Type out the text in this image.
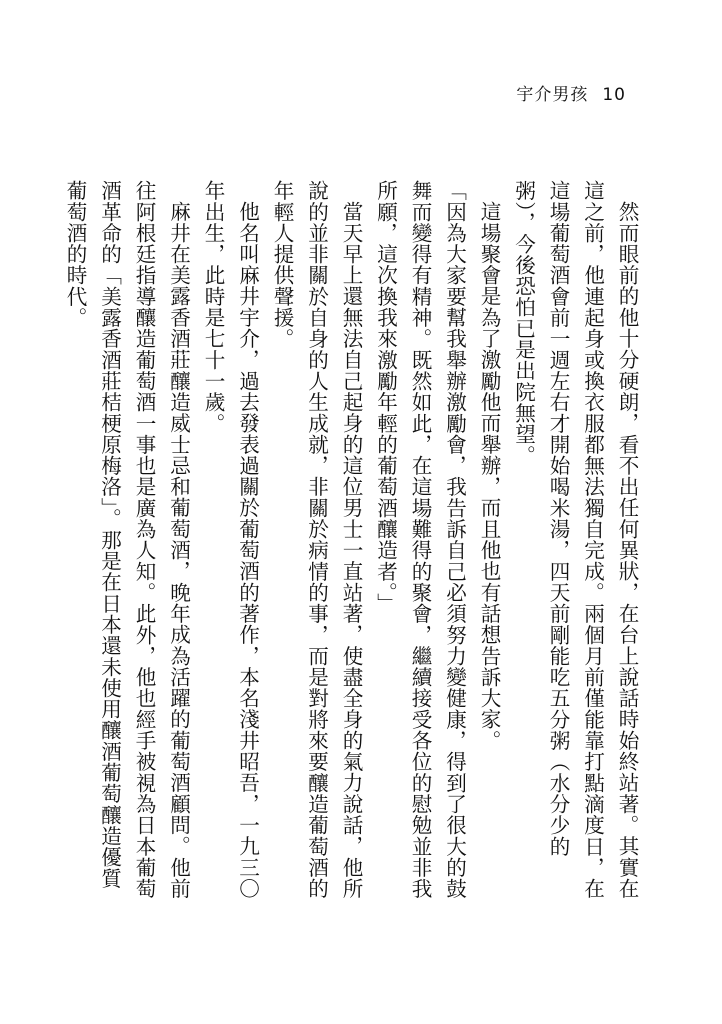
宇介男孩 10

然而眼前的他十分硬朗，看不出任何異狀，在台上說話時始終站著。其實在這之前，他連起身或換衣服都無法獨自完成。兩個月前僅能靠打點滴度日，在這場葡萄酒會前一週左右才開始喝米湯，四天前剛能吃五分粥（水分少的粥），今後恐怕已是出院無望。

這場聚會是為了激勵他而舉辦，而且他也有話想告訴大家。

「因為大家要幫我舉辦激勵會，我告訴自己必須努力變健康，得到了很大的鼓舞而變得有精神。既然如此，在這場難得的聚會，繼續接受各位的慰勉並非我所願，這次換我來激勵年輕的葡萄酒釀造者。」

當天早上還無法自己起身的這位男士一直站著，使盡全身的氣力說話，他所說的並非關於自身的人生成就，非關於病情的事，而是對將來要釀造葡萄酒的年輕人提供聲援。

他名叫麻井宇介，過去發表過關於葡萄酒的著作，本名淺井昭吾，一九三〇年出生，此時是七十一歲。

麻井在美露香酒莊釀造威士忌和葡萄酒，晚年成為活躍的葡萄酒顧問。他前往阿根廷指導釀造葡萄酒一事也是廣為人知。此外，他也經手被視為日本葡萄酒革命的「美露香酒莊桔梗原梅洛」。那是在日本還未使用釀酒葡萄釀造優質葡萄酒的時代。
